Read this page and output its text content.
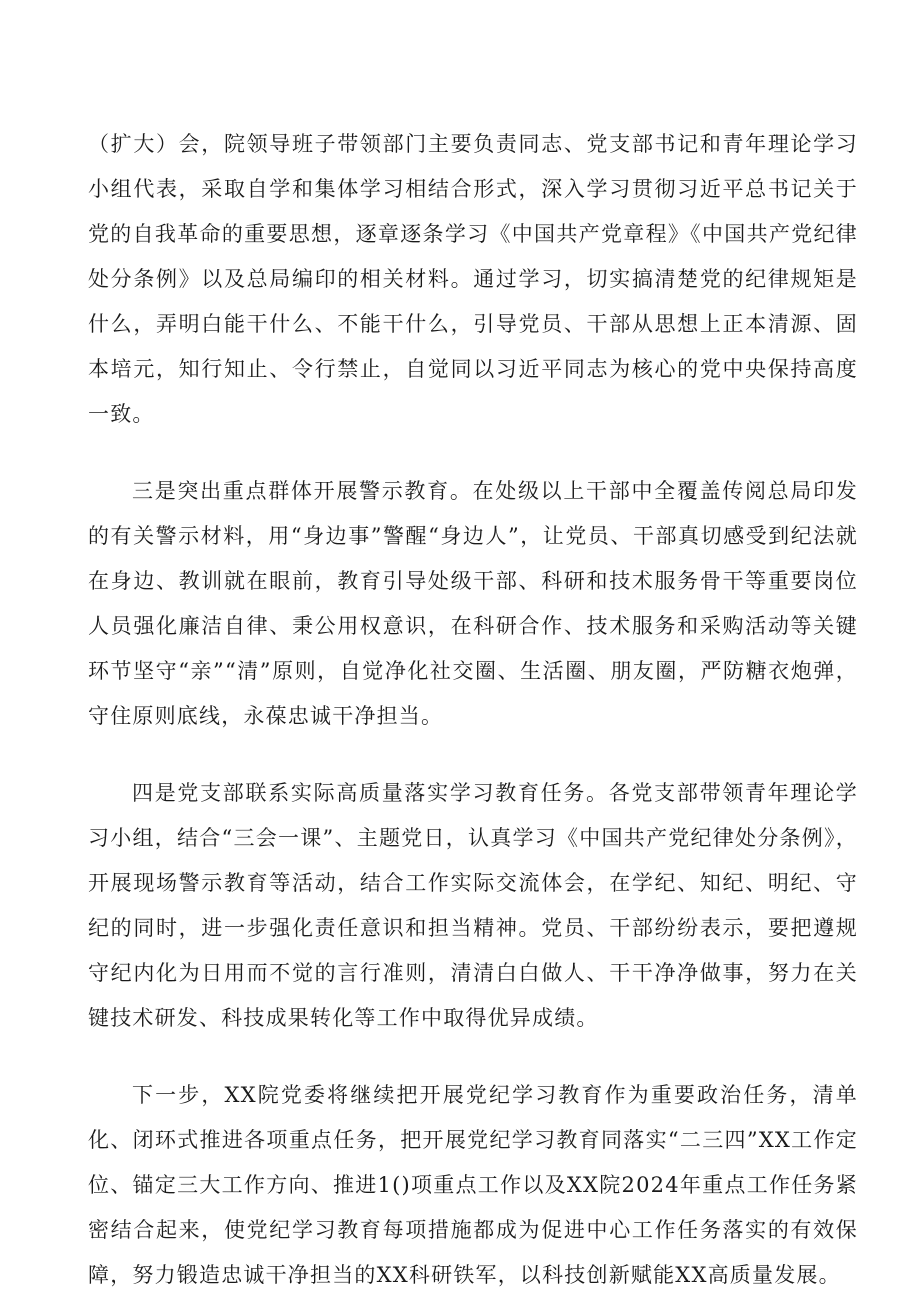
（扩大）会，院领导班子带领部门主要负责同志、党支部书记和青年理论学习小组代表，采取自学和集体学习相结合形式，深入学习贯彻习近平总书记关于党的自我革命的重要思想，逐章逐条学习《中国共产党章程》《中国共产党纪律处分条例》以及总局编印的相关材料。通过学习，切实搞清楚党的纪律规矩是什么，弄明白能干什么、不能干什么，引导党员、干部从思想上正本清源、固本培元，知行知止、令行禁止，自觉同以习近平同志为核心的党中央保持高度一致。

三是突出重点群体开展警示教育。在处级以上干部中全覆盖传阅总局印发的有关警示材料，用“身边事”警醒“身边人”，让党员、干部真切感受到纪法就在身边、教训就在眼前，教育引导处级干部、科研和技术服务骨干等重要岗位人员强化廉洁自律、秉公用权意识，在科研合作、技术服务和采购活动等关键环节坚守“亲”“清”原则，自觉净化社交圈、生活圈、朋友圈，严防糖衣炮弹，守住原则底线，永葆忠诚干净担当。

四是党支部联系实际高质量落实学习教育任务。各党支部带领青年理论学习小组，结合“三会一课”、主题党日，认真学习《中国共产党纪律处分条例》，开展现场警示教育等活动，结合工作实际交流体会，在学纪、知纪、明纪、守纪的同时，进一步强化责任意识和担当精神。党员、干部纷纷表示，要把遵规守纪内化为日用而不觉的言行准则，清清白白做人、干干净净做事，努力在关键技术研发、科技成果转化等工作中取得优异成绩。

下一步，XX院党委将继续把开展党纪学习教育作为重要政治任务，清单化、闭环式推进各项重点任务，把开展党纪学习教育同落实“二三四”XX工作定位、锚定三大工作方向、推进1()项重点工作以及XX院2024年重点工作任务紧密结合起来，使党纪学习教育每项措施都成为促进中心工作任务落实的有效保障，努力锻造忠诚干净担当的XX科研铁军，以科技创新赋能XX高质量发展。
